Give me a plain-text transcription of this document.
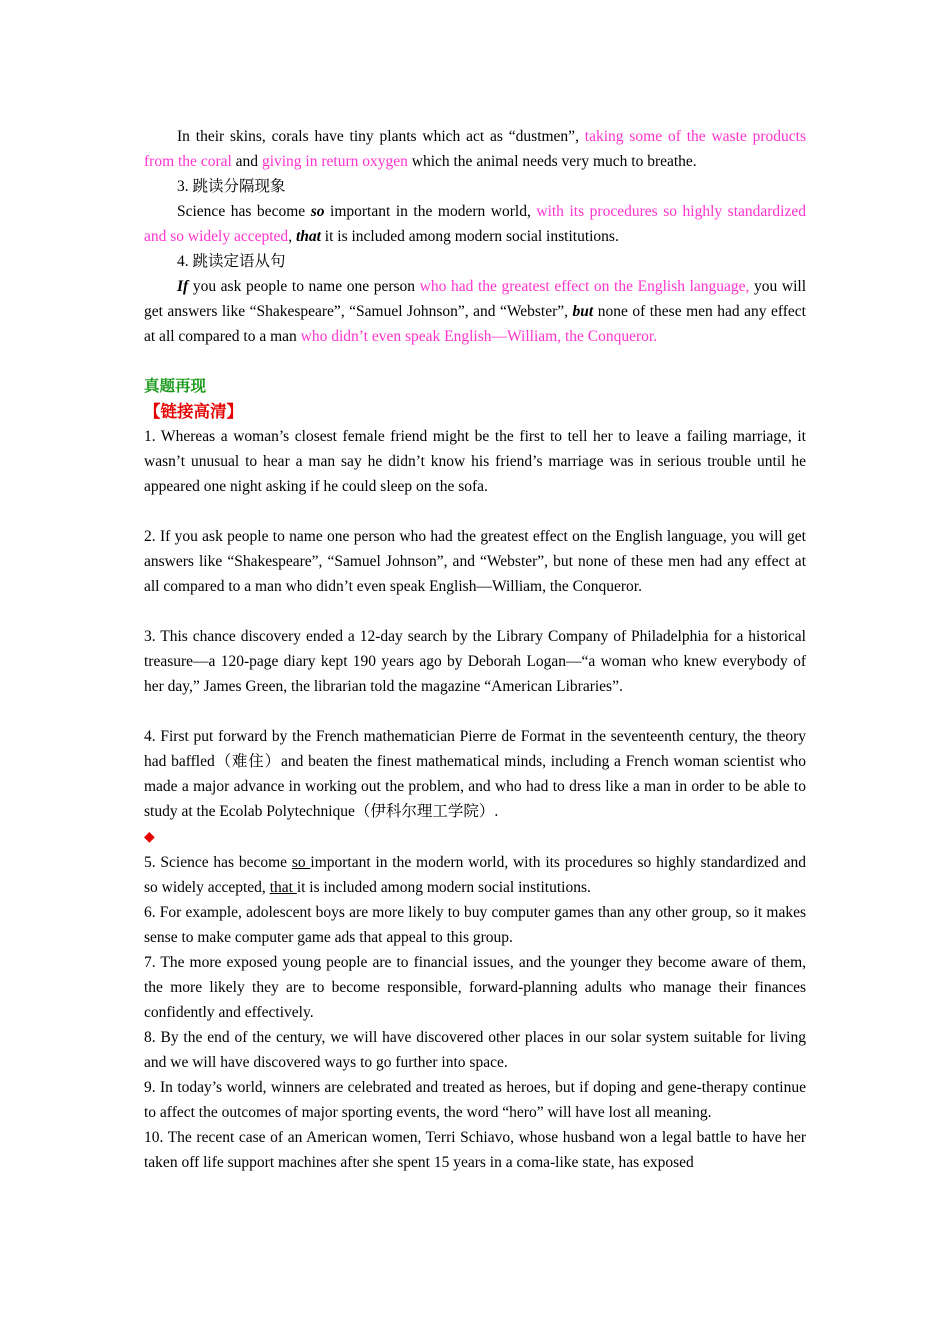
In their skins, corals have tiny plants which act as “dustmen”, taking some of the waste products from the coral and giving in return oxygen which the animal needs very much to breathe.

3. 跳读分隔现象

Science has become so important in the modern world, with its procedures so highly standardized and so widely accepted, that it is included among modern social institutions.

4. 跳读定语从句

If you ask people to name one person who had the greatest effect on the English language, you will get answers like “Shakespeare”, “Samuel Johnson”, and “Webster”, but none of these men had any effect at all compared to a man who didn’t even speak English—William, the Conqueror.

真题再现

【链接高清】

1. Whereas a woman’s closest female friend might be the first to tell her to leave a failing marriage, it wasn’t unusual to hear a man say he didn’t know his friend’s marriage was in serious trouble until he appeared one night asking if he could sleep on the sofa.

2. If you ask people to name one person who had the greatest effect on the English language, you will get answers like “Shakespeare”, “Samuel Johnson”, and “Webster”, but none of these men had any effect at all compared to a man who didn’t even speak English—William, the Conqueror.

3. This chance discovery ended a 12-day search by the Library Company of Philadelphia for a historical treasure—a 120-page diary kept 190 years ago by Deborah Logan—“a woman who knew everybody of her day,” James Green, the librarian told the magazine “American Libraries”.

4. First put forward by the French mathematician Pierre de Format in the seventeenth century, the theory had baffled（难住）and beaten the finest mathematical minds, including a French woman scientist who made a major advance in working out the problem, and who had to dress like a man in order to be able to study at the Ecolab Polytechnique（伊科尔理工学院）.

◆

5. Science has become so important in the modern world, with its procedures so highly standardized and so widely accepted, that it is included among modern social institutions.

6. For example, adolescent boys are more likely to buy computer games than any other group, so it makes sense to make computer game ads that appeal to this group.

7. The more exposed young people are to financial issues, and the younger they become aware of them, the more likely they are to become responsible, forward-planning adults who manage their finances confidently and effectively.

8. By the end of the century, we will have discovered other places in our solar system suitable for living and we will have discovered ways to go further into space.

9. In today’s world, winners are celebrated and treated as heroes, but if doping and gene-therapy continue to affect the outcomes of major sporting events, the word “hero” will have lost all meaning.

10. The recent case of an American women, Terri Schiavo, whose husband won a legal battle to have her taken off life support machines after she spent 15 years in a coma-like state, has exposed
